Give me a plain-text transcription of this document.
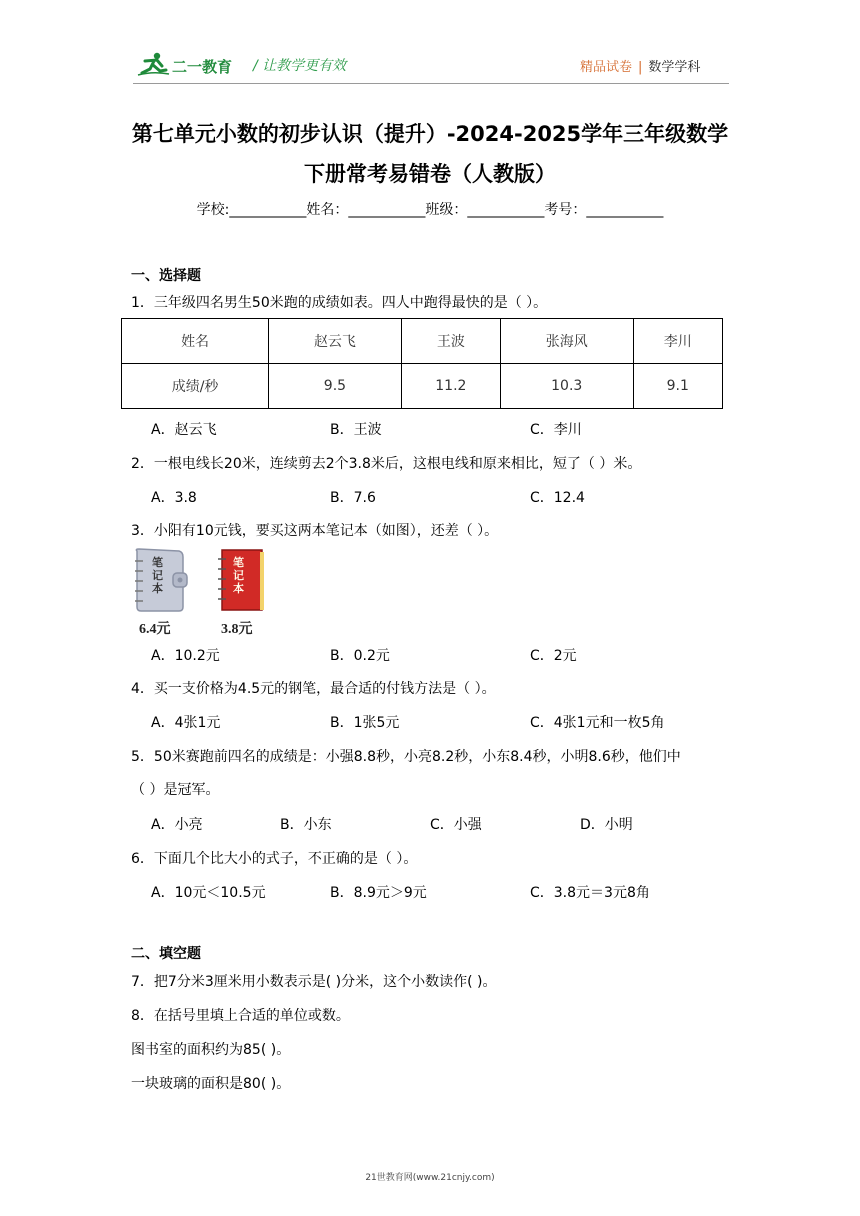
二一教育 / 让教学更有效	精品试卷 | 数学学科
第七单元小数的初步认识（提升）-2024-2025学年三年级数学
下册常考易错卷（人教版）
学校:___________姓名：___________班级：___________考号：___________
一、选择题
1．三年级四名男生50米跑的成绩如表。四人中跑得最快的是（ ）。
姓名	赵云飞	王波	张海风	李川
成绩/秒	9.5	11.2	10.3	9.1
A．赵云飞	B．王波	C．李川
2．一根电线长20米，连续剪去2个3.8米后，这根电线和原来相比，短了（ ）米。
A．3.8	B．7.6	C．12.4
3．小阳有10元钱，要买这两本笔记本（如图），还差（ ）。
笔
记
本
6.4元
笔
记
本
3.8元
A．10.2元	B．0.2元	C．2元
4．买一支价格为4.5元的钢笔，最合适的付钱方法是（ ）。
A．4张1元	B．1张5元	C．4张1元和一枚5角
5．50米赛跑前四名的成绩是：小强8.8秒，小亮8.2秒，小东8.4秒，小明8.6秒，他们中
（ ）是冠军。
A．小亮	B．小东	C．小强	D．小明
6．下面几个比大小的式子，不正确的是（ ）。
A．10元＜10.5元	B．8.9元＞9元	C．3.8元＝3元8角
二、填空题
7．把7分米3厘米用小数表示是( )分米，这个小数读作( )。
8．在括号里填上合适的单位或数。
图书室的面积约为85( )。
一块玻璃的面积是80( )。
21世教育网(www.21cnjy.com)
